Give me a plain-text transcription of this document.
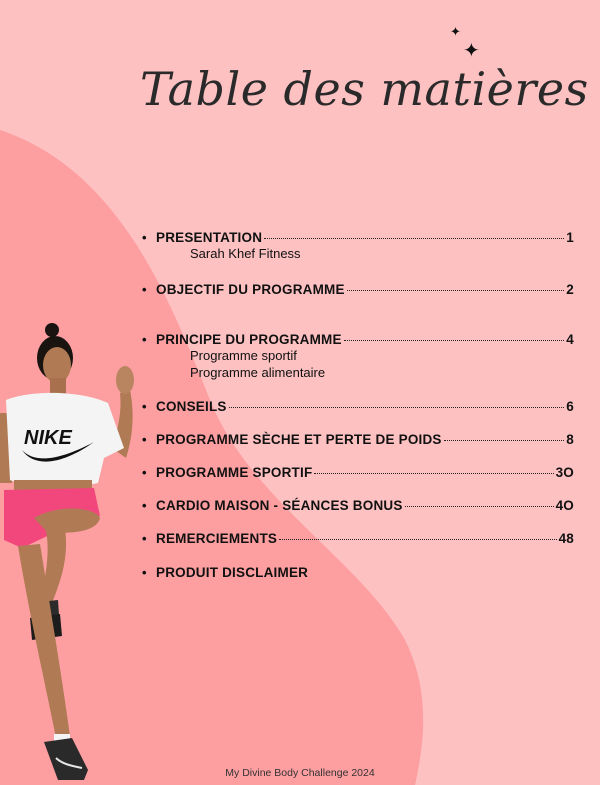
✦
✦
Table des matières
• PRESENTATION	1
Sarah Khef Fitness
• OBJECTIF DU PROGRAMME	2
• PRINCIPE DU PROGRAMME	4
Programme sportif
Programme alimentaire
• CONSEILS	6
• PROGRAMME SÈCHE ET PERTE DE POIDS	8
• PROGRAMME SPORTIF	3O
• CARDIO MAISON - SÉANCES BONUS	4O
• REMERCIEMENTS	48
• PRODUIT DISCLAIMER
NIKE
My Divine Body Challenge 2024
